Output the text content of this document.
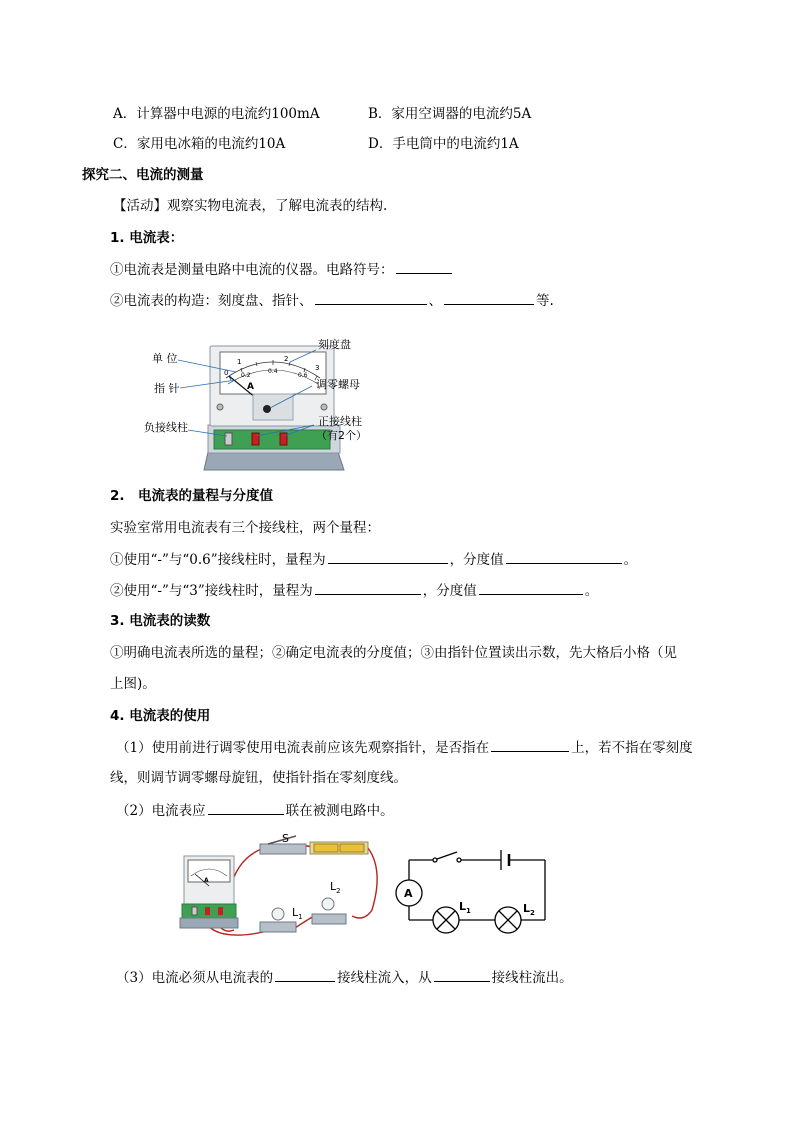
A．计算器中电源的电流约100mA	B．家用空调器的电流约5A
C．家用电冰箱的电流约10A	D．手电筒中的电流约1A
探究二、电流的测量
【活动】观察实物电流表，了解电流表的结构.
1. 电流表：
①电流表是测量电路中电流的仪器。电路符号：
②电流表的构造：刻度盘、指针、	、	等.
0
1	2
3
0.2
0.4
0.6
A
单 位
指 针
负接线柱
刻度盘
调零螺母
正接线柱
（有2个）
2.　电流表的量程与分度值
实验室常用电流表有三个接线柱，两个量程：
①使用“-”与“0.6”接线柱时，量程为	，分度值	。
②使用“-”与“3”接线柱时，量程为	，分度值	。
3. 电流表的读数
①明确电流表所选的量程；②确定电流表的分度值；③由指针位置读出示数，先大格后小格（见
上图)。
4. 电流表的使用
（1）使用前进行调零使用电流表前应该先观察指针，是否指在	上，若不指在零刻度
线，则调节调零螺母旋钮，使指针指在零刻度线。
（2）电流表应	联在被测电路中。
A
S
$L_1$
$L_2$	A
$L_1$	$L_2$
（3）电流必须从电流表的	接线柱流入，从	接线柱流出。
